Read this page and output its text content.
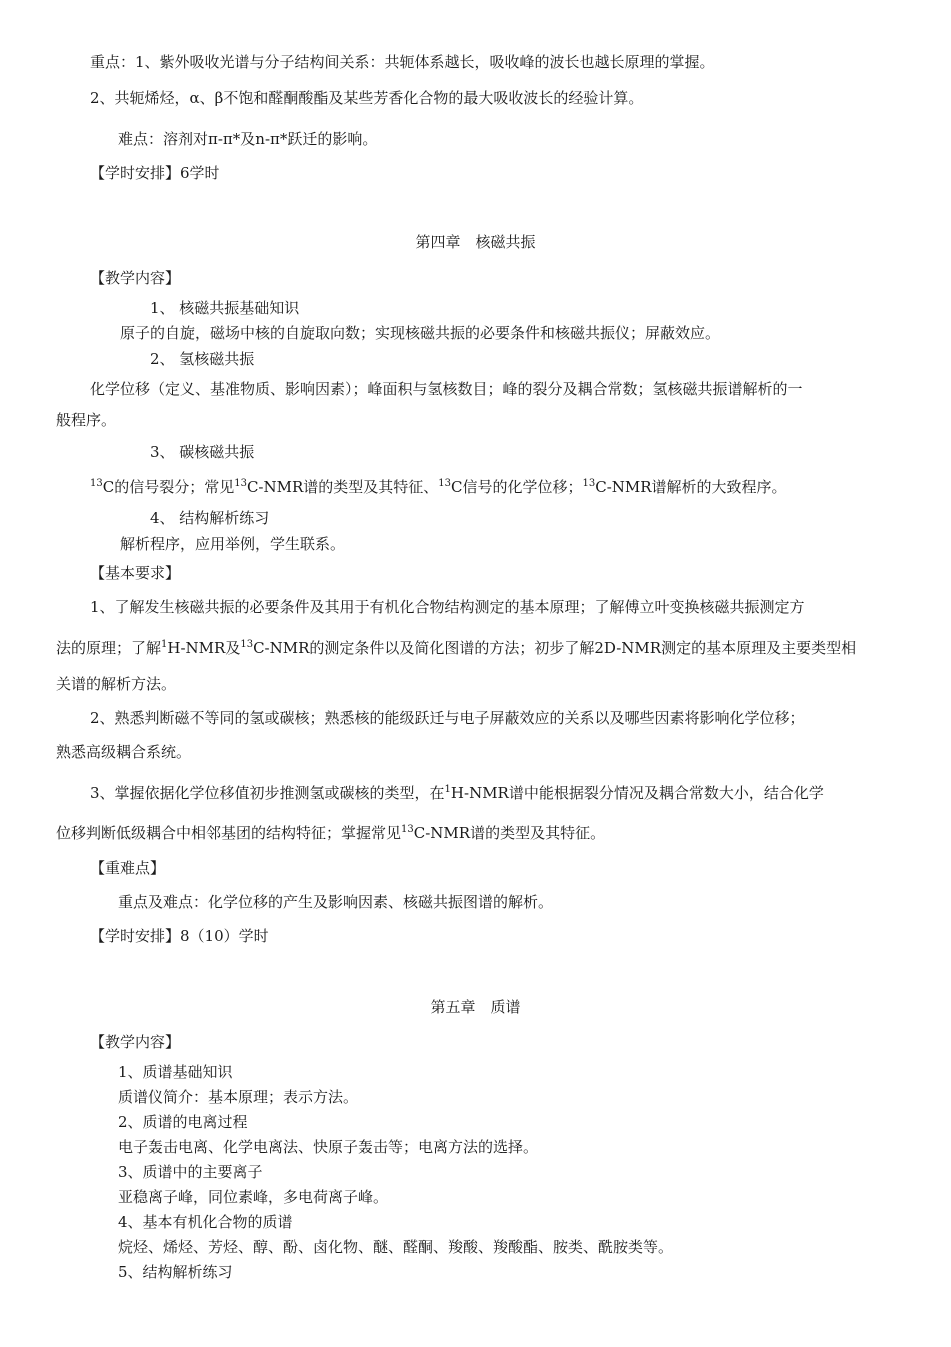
重点：1、紫外吸收光谱与分子结构间关系：共轭体系越长，吸收峰的波长也越长原理的掌握。
2、共轭烯烃，α、β不饱和醛酮酸酯及某些芳香化合物的最大吸收波长的经验计算。
难点：溶剂对π-π*及n-π*跃迁的影响。
【学时安排】6学时
第四章　核磁共振
【教学内容】
1、 核磁共振基础知识
原子的自旋，磁场中核的自旋取向数；实现核磁共振的必要条件和核磁共振仪；屏蔽效应。
2、 氢核磁共振
化学位移（定义、基准物质、影响因素）；峰面积与氢核数目；峰的裂分及耦合常数；氢核磁共振谱解析的一
般程序。
3、 碳核磁共振
$^{13}$C的信号裂分；常见$^{13}$C-NMR谱的类型及其特征、$^{13}$C信号的化学位移；$^{13}$C-NMR谱解析的大致程序。
4、 结构解析练习
解析程序，应用举例，学生联系。
【基本要求】
1、了解发生核磁共振的必要条件及其用于有机化合物结构测定的基本原理；了解傅立叶变换核磁共振测定方
法的原理；了解$^1$H-NMR及$^{13}$C-NMR的测定条件以及简化图谱的方法；初步了解2D-NMR测定的基本原理及主要类型相
关谱的解析方法。
2、熟悉判断磁不等同的氢或碳核；熟悉核的能级跃迁与电子屏蔽效应的关系以及哪些因素将影响化学位移；
熟悉高级耦合系统。
3、掌握依据化学位移值初步推测氢或碳核的类型，在$^1$H-NMR谱中能根据裂分情况及耦合常数大小，结合化学
位移判断低级耦合中相邻基团的结构特征；掌握常见$^{13}$C-NMR谱的类型及其特征。
【重难点】
重点及难点：化学位移的产生及影响因素、核磁共振图谱的解析。
【学时安排】8（10）学时
第五章　质谱
【教学内容】
1、质谱基础知识
质谱仪简介：基本原理；表示方法。
2、质谱的电离过程
电子轰击电离、化学电离法、快原子轰击等；电离方法的选择。
3、质谱中的主要离子
亚稳离子峰，同位素峰，多电荷离子峰。
4、基本有机化合物的质谱
烷烃、烯烃、芳烃、醇、酚、卤化物、醚、醛酮、羧酸、羧酸酯、胺类、酰胺类等。
5、结构解析练习
